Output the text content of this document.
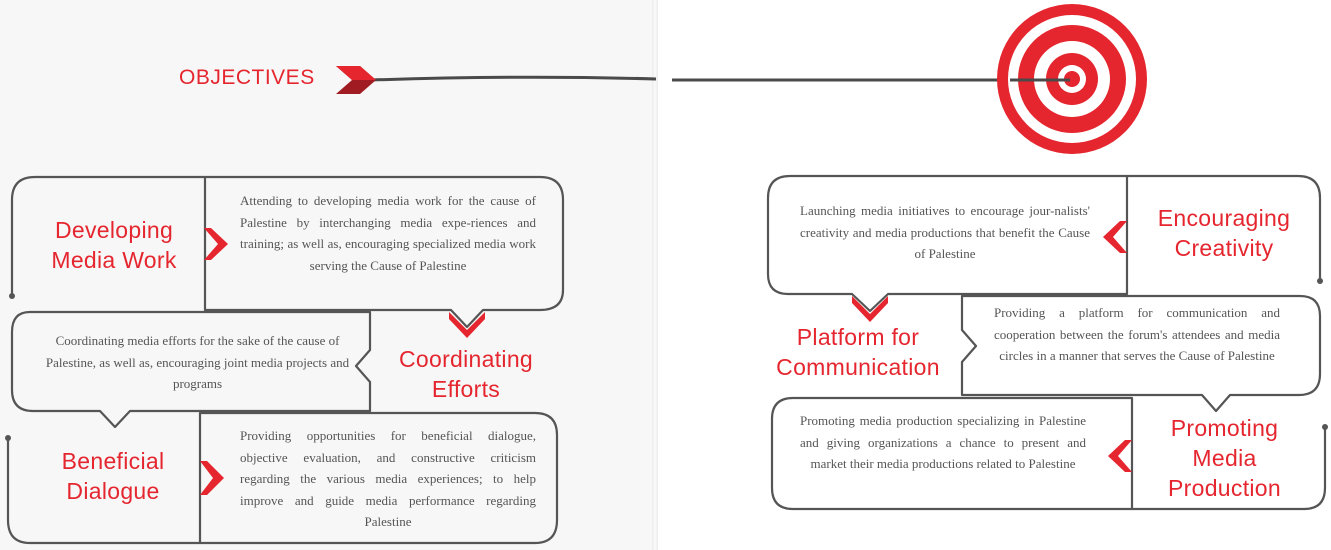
OBJECTIVES
Developing
Media Work
Attending to developing media work for the cause of Palestine by interchanging media expe-riences and training; as well as, encouraging specialized media work serving the Cause of Palestine
Coordinating
Efforts
Coordinating media efforts for the sake of the cause of Palestine, as well as, encouraging joint media projects and programs
Beneficial
Dialogue
Providing opportunities for beneficial dialogue, objective evaluation, and constructive criticism regarding the various media experiences; to help improve and guide media performance regarding Palestine
Encouraging
Creativity
Launching media initiatives to encourage jour-nalists' creativity and media productions that benefit the Cause of Palestine
Platform for
Communication
Providing a platform for communication and cooperation between the forum's attendees and media circles in a manner that serves the Cause of Palestine
Promoting
Media
Production
Promoting media production specializing in Palestine and giving organizations a chance to present and market their media productions related to Palestine
